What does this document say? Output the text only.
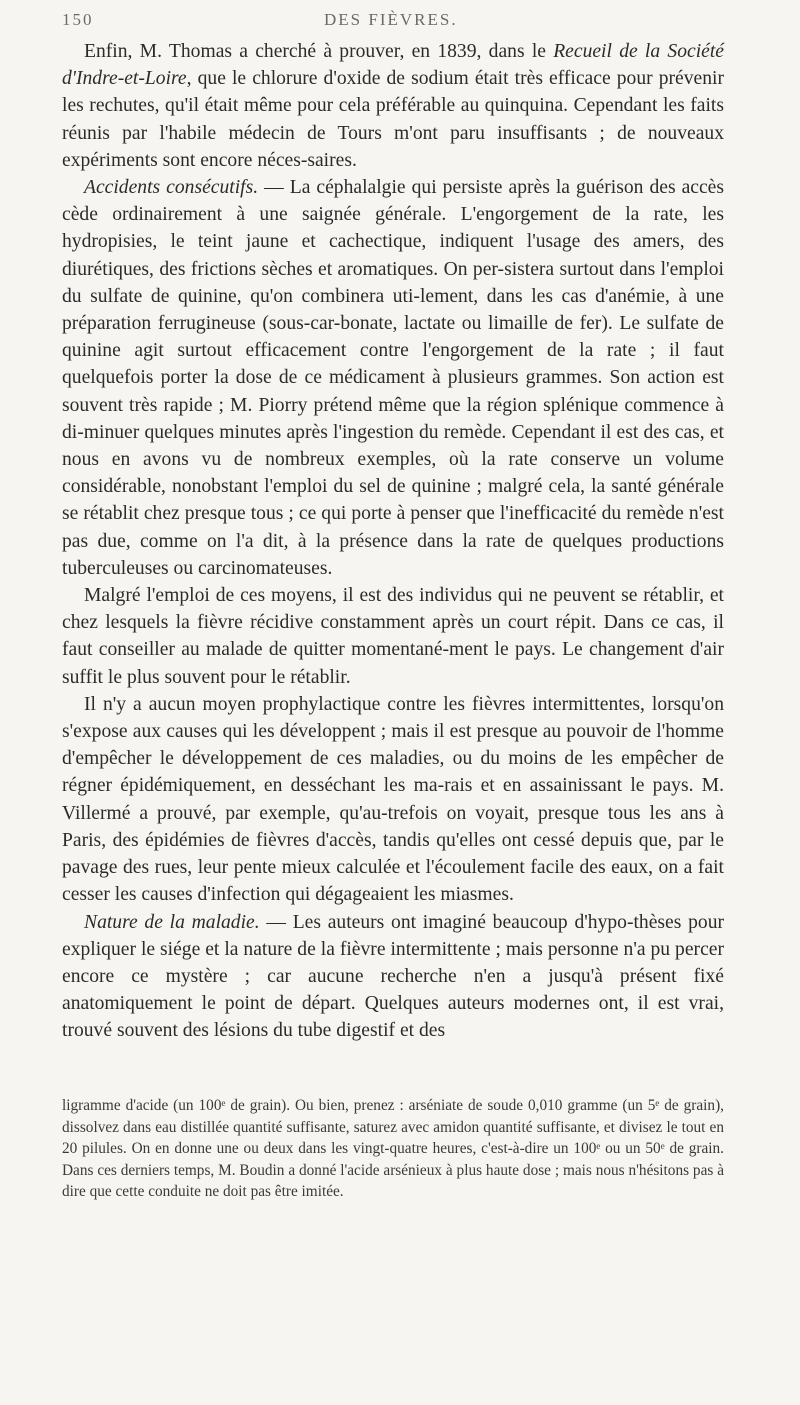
150	DES FIÈVRES.

Enfin, M. Thomas a cherché à prouver, en 1839, dans le Recueil de la Société d'Indre-et-Loire, que le chlorure d'oxide de sodium était très efficace pour prévenir les rechutes, qu'il était même pour cela préférable au quinquina. Cependant les faits réunis par l'habile médecin de Tours m'ont paru insuffisants ; de nouveaux expériments sont encore néces-saires.

Accidents consécutifs. — La céphalalgie qui persiste après la guérison des accès cède ordinairement à une saignée générale. L'engorgement de la rate, les hydropisies, le teint jaune et cachectique, indiquent l'usage des amers, des diurétiques, des frictions sèches et aromatiques. On per-sistera surtout dans l'emploi du sulfate de quinine, qu'on combinera uti-lement, dans les cas d'anémie, à une préparation ferrugineuse (sous-car-bonate, lactate ou limaille de fer). Le sulfate de quinine agit surtout efficacement contre l'engorgement de la rate ; il faut quelquefois porter la dose de ce médicament à plusieurs grammes. Son action est souvent très rapide ; M. Piorry prétend même que la région splénique commence à di-minuer quelques minutes après l'ingestion du remède. Cependant il est des cas, et nous en avons vu de nombreux exemples, où la rate conserve un volume considérable, nonobstant l'emploi du sel de quinine ; malgré cela, la santé générale se rétablit chez presque tous ; ce qui porte à penser que l'inefficacité du remède n'est pas due, comme on l'a dit, à la présence dans la rate de quelques productions tuberculeuses ou carcinomateuses.

Malgré l'emploi de ces moyens, il est des individus qui ne peuvent se rétablir, et chez lesquels la fièvre récidive constamment après un court répit. Dans ce cas, il faut conseiller au malade de quitter momentané-ment le pays. Le changement d'air suffit le plus souvent pour le rétablir.

Il n'y a aucun moyen prophylactique contre les fièvres intermittentes, lorsqu'on s'expose aux causes qui les développent ; mais il est presque au pouvoir de l'homme d'empêcher le développement de ces maladies, ou du moins de les empêcher de régner épidémiquement, en desséchant les ma-rais et en assainissant le pays. M. Villermé a prouvé, par exemple, qu'au-trefois on voyait, presque tous les ans à Paris, des épidémies de fièvres d'accès, tandis qu'elles ont cessé depuis que, par le pavage des rues, leur pente mieux calculée et l'écoulement facile des eaux, on a fait cesser les causes d'infection qui dégageaient les miasmes.

Nature de la maladie. — Les auteurs ont imaginé beaucoup d'hypo-thèses pour expliquer le siége et la nature de la fièvre intermittente ; mais personne n'a pu percer encore ce mystère ; car aucune recherche n'en a jusqu'à présent fixé anatomiquement le point de départ. Quelques auteurs modernes ont, il est vrai, trouvé souvent des lésions du tube digestif et des

ligramme d'acide (un 100ᵉ de grain). Ou bien, prenez : arséniate de soude 0,010 gramme (un 5ᵉ de grain), dissolvez dans eau distillée quantité suffisante, saturez avec amidon quantité suffisante, et divisez le tout en 20 pilules. On en donne une ou deux dans les vingt-quatre heures, c'est-à-dire un 100ᵉ ou un 50ᵉ de grain. Dans ces derniers temps, M. Boudin a donné l'acide arsénieux à plus haute dose ; mais nous n'hésitons pas à dire que cette conduite ne doit pas être imitée.
